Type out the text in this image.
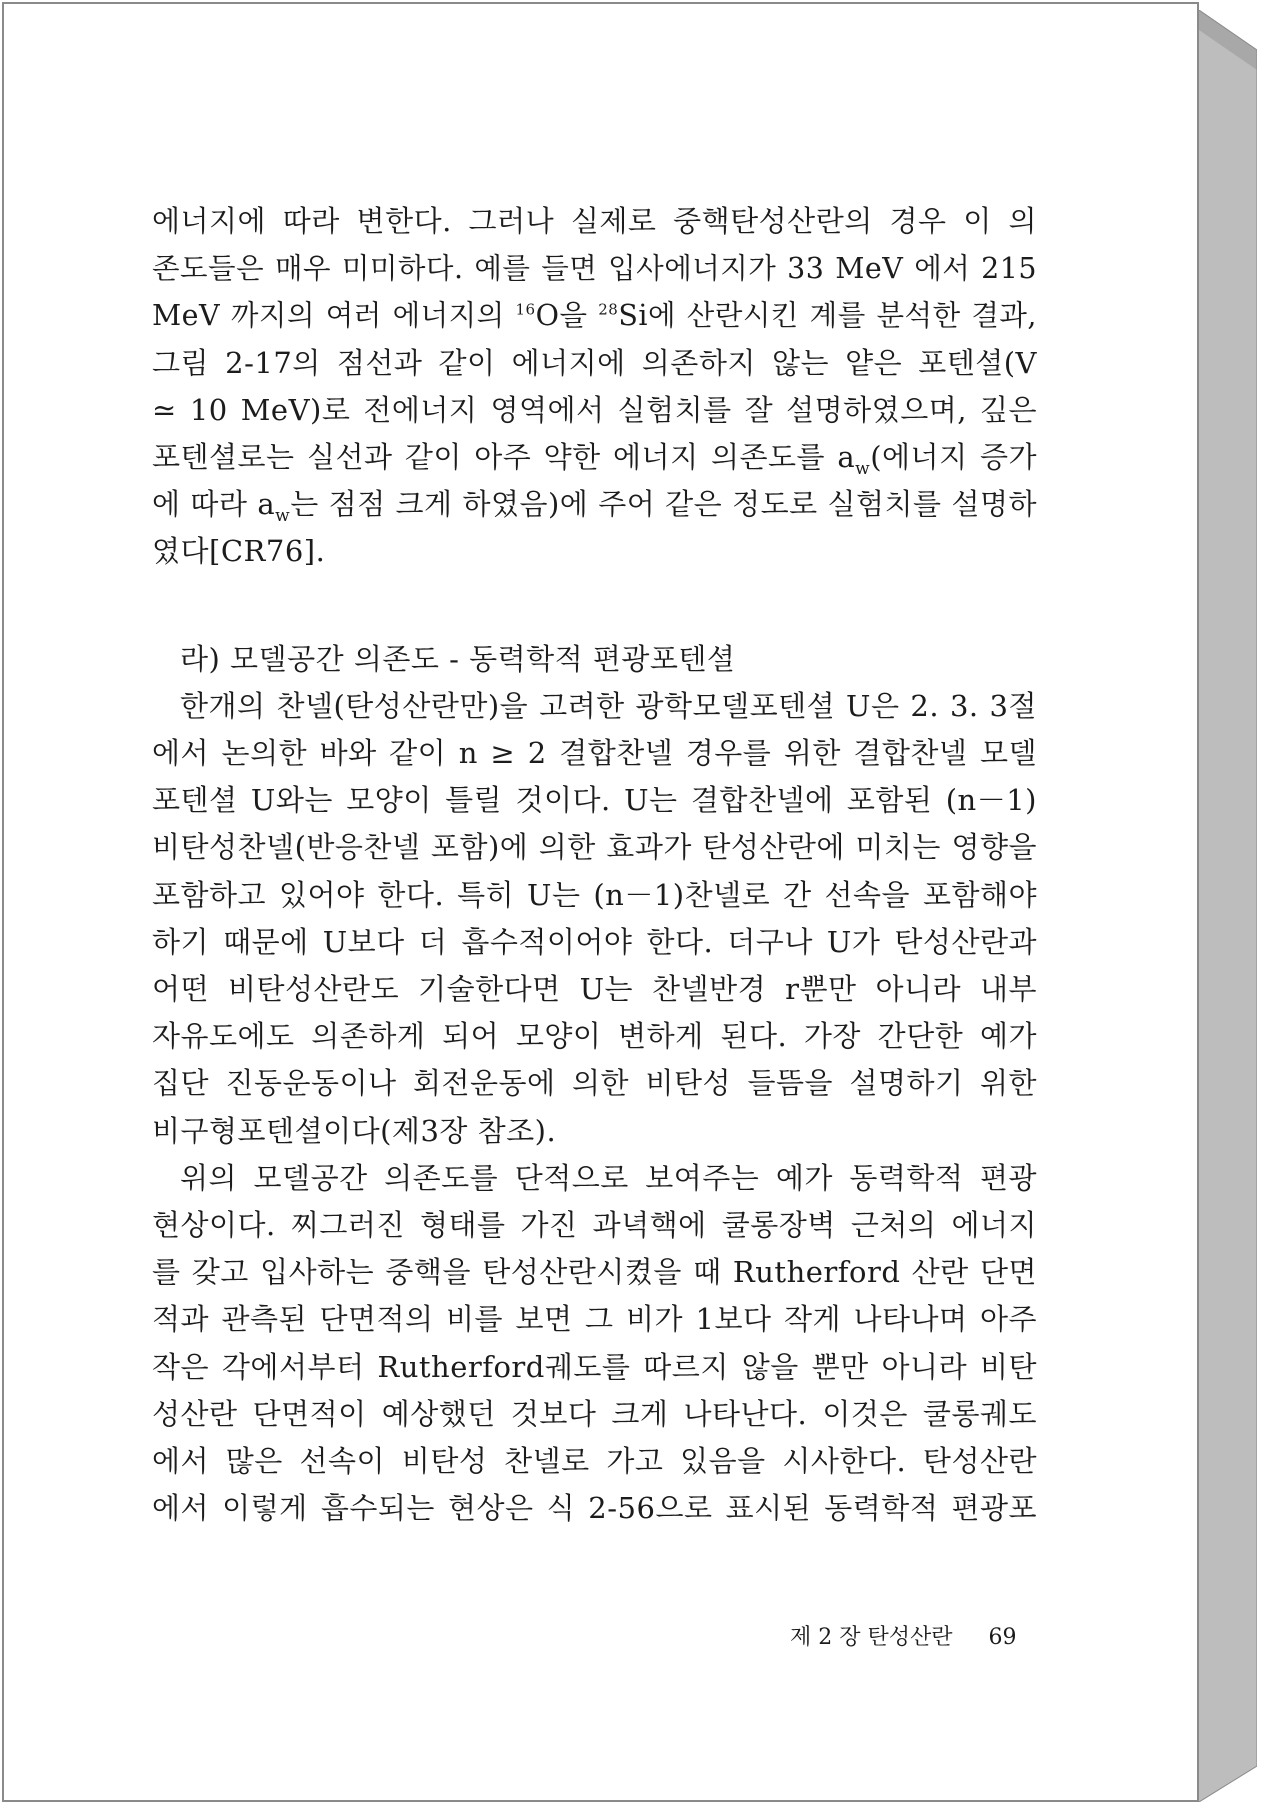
에너지에 따라 변한다. 그러나 실제로 중핵탄성산란의 경우 이 의
존도들은 매우 미미하다. 예를 들면 입사에너지가 33 MeV 에서 215
MeV 까지의 여러 에너지의 $^{16}$O을 $^{28}$Si에 산란시킨 계를 분석한 결과,
그림 2-17의 점선과 같이 에너지에 의존하지 않는 얕은 포텐셜(V
≃ 10 MeV)로 전에너지 영역에서 실험치를 잘 설명하였으며, 깊은
포텐셜로는 실선과 같이 아주 약한 에너지 의존도를 $a_w$(에너지 증가
에 따라 $a_w$는 점점 크게 하였음)에 주어 같은 정도로 실험치를 설명하
였다[CR76].
라) 모델공간 의존도 - 동력학적 편광포텐셜
한개의 찬넬(탄성산란만)을 고려한 광학모델포텐셜 U은 2. 3. 3절
에서 논의한 바와 같이 n ≥ 2 결합찬넬 경우를 위한 결합찬넬 모델
포텐셜 U와는 모양이 틀릴 것이다. U는 결합찬넬에 포함된 (n－1)
비탄성찬넬(반응찬넬 포함)에 의한 효과가 탄성산란에 미치는 영향을
포함하고 있어야 한다. 특히 U는 (n－1)찬넬로 간 선속을 포함해야
하기 때문에 U보다 더 흡수적이어야 한다. 더구나 U가 탄성산란과
어떤 비탄성산란도 기술한다면 U는 찬넬반경 r뿐만 아니라 내부
자유도에도 의존하게 되어 모양이 변하게 된다. 가장 간단한 예가
집단 진동운동이나 회전운동에 의한 비탄성 들뜸을 설명하기 위한
비구형포텐셜이다(제3장 참조).
위의 모델공간 의존도를 단적으로 보여주는 예가 동력학적 편광
현상이다. 찌그러진 형태를 가진 과녁핵에 쿨롱장벽 근처의 에너지
를 갖고 입사하는 중핵을 탄성산란시켰을 때 Rutherford 산란 단면
적과 관측된 단면적의 비를 보면 그 비가 1보다 작게 나타나며 아주
작은 각에서부터 Rutherford궤도를 따르지 않을 뿐만 아니라 비탄
성산란 단면적이 예상했던 것보다 크게 나타난다. 이것은 쿨롱궤도
에서 많은 선속이 비탄성 찬넬로 가고 있음을 시사한다. 탄성산란
에서 이렇게 흡수되는 현상은 식 2-56으로 표시된 동력학적 편광포
제 2 장 탄성산란 69
